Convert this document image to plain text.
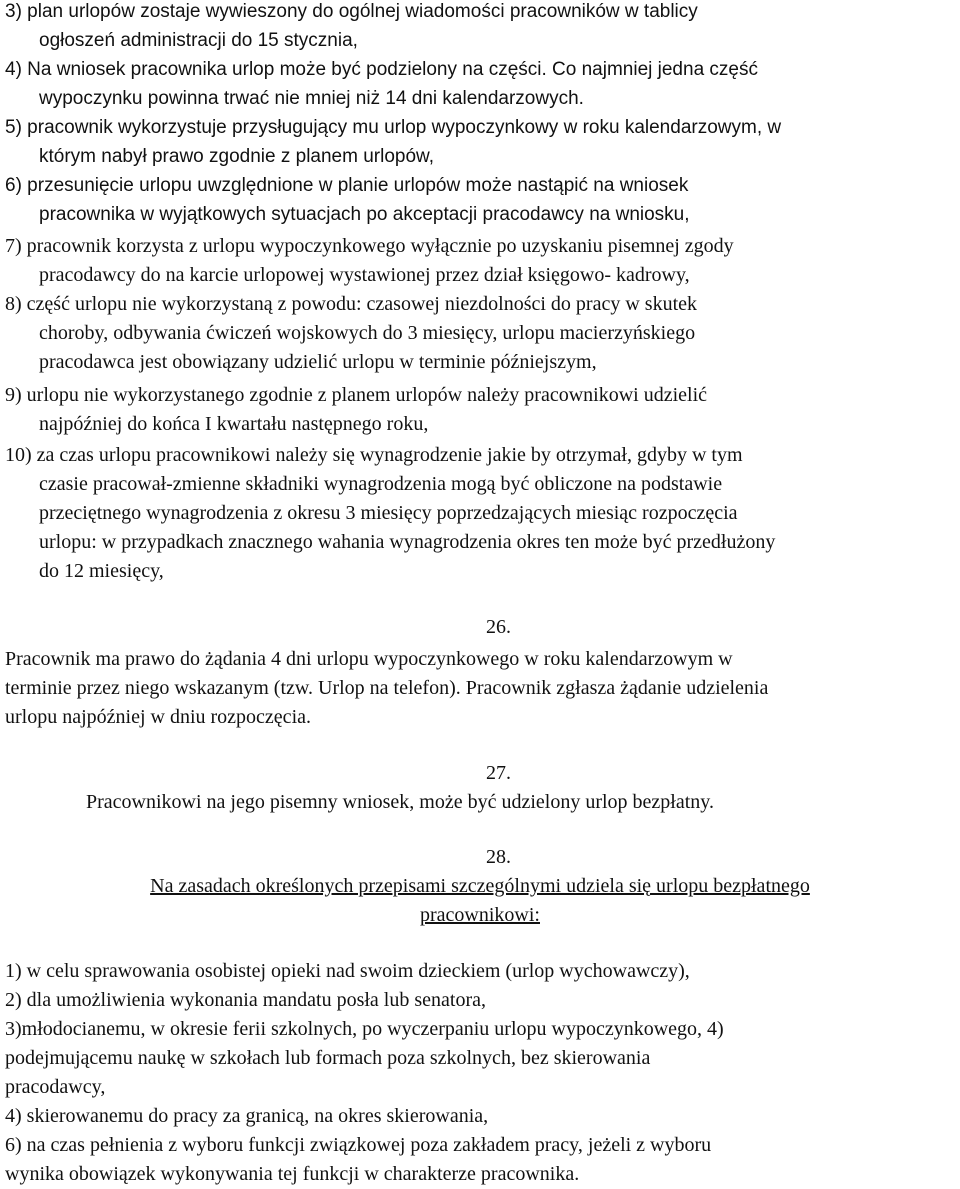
3) plan urlopów zostaje wywieszony do ogólnej wiadomości pracowników w tablicy
ogłoszeń administracji do 15 stycznia,
4) Na wniosek pracownika urlop może być podzielony na części. Co najmniej jedna część
wypoczynku powinna trwać nie mniej niż 14 dni kalendarzowych.
5) pracownik wykorzystuje przysługujący mu urlop wypoczynkowy w roku kalendarzowym, w
którym nabył prawo zgodnie z planem urlopów,
6) przesunięcie urlopu uwzględnione w planie urlopów może nastąpić na wniosek
pracownika w wyjątkowych sytuacjach po akceptacji pracodawcy na wniosku,
7) pracownik korzysta z urlopu wypoczynkowego wyłącznie po uzyskaniu pisemnej zgody
pracodawcy do na karcie urlopowej wystawionej przez dział księgowo- kadrowy,
8) część urlopu nie wykorzystaną z powodu: czasowej niezdolności do pracy w skutek
choroby, odbywania ćwiczeń wojskowych do 3 miesięcy, urlopu macierzyńskiego
pracodawca jest obowiązany udzielić urlopu w terminie późniejszym,
9) urlopu nie wykorzystanego zgodnie z planem urlopów należy pracownikowi udzielić
najpóźniej do końca I kwartału następnego roku,
10) za czas urlopu pracownikowi należy się wynagrodzenie jakie by otrzymał, gdyby w tym
czasie pracował-zmienne składniki wynagrodzenia mogą być obliczone na podstawie
przeciętnego wynagrodzenia z okresu 3 miesięcy poprzedzających miesiąc rozpoczęcia
urlopu: w przypadkach znacznego wahania wynagrodzenia okres ten może być przedłużony
do 12 miesięcy,
26.
Pracownik ma prawo do żądania 4 dni urlopu wypoczynkowego w roku kalendarzowym w
terminie przez niego wskazanym (tzw. Urlop na telefon). Pracownik zgłasza żądanie udzielenia
urlopu najpóźniej w dniu rozpoczęcia.
27.
Pracownikowi na jego pisemny wniosek, może być udzielony urlop bezpłatny.
28.
Na zasadach określonych przepisami szczególnymi udziela się urlopu bezpłatnego
pracownikowi:
1) w celu sprawowania osobistej opieki nad swoim dzieckiem (urlop wychowawczy),
2) dla umożliwienia wykonania mandatu posła lub senatora,
3)młodocianemu, w okresie ferii szkolnych, po wyczerpaniu urlopu wypoczynkowego, 4)
podejmującemu naukę w szkołach lub formach poza szkolnych, bez skierowania
pracodawcy,
4) skierowanemu do pracy za granicą, na okres skierowania,
6) na czas pełnienia z wyboru funkcji związkowej poza zakładem pracy, jeżeli z wyboru
wynika obowiązek wykonywania tej funkcji w charakterze pracownika.
